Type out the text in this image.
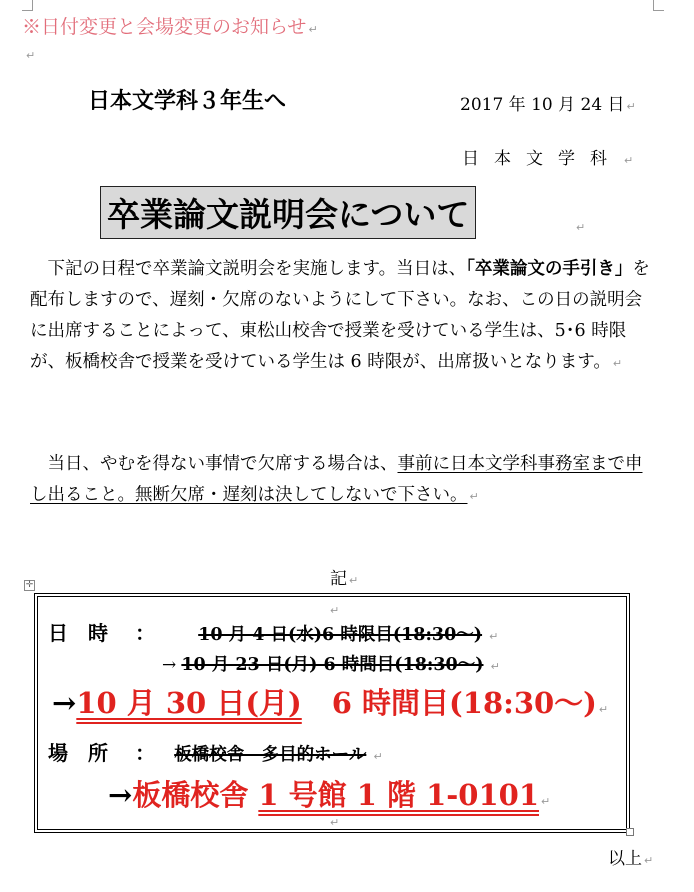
※日付変更と会場変更のお知らせ ↵
↵
日本文学科３年生へ	2017 年 10 月 24 日 ↵
日本文学科 ↵
卒業論文説明会について	↵
　下記の日程で卒業論文説明会を実施します。当日は、「卒業論文の手引き」を配布しますので、遅刻・欠席のないようにして下さい。なお、この日の説明会に出席することによって、東松山校舎で授業を受けている学生は、5･6 時限が、板橋校舎で授業を受けている学生は 6 時限が、出席扱いとなります。 ↵
　当日、やむを得ない事情で欠席する場合は、事前に日本文学科事務室まで申し出ること。無断欠席・遅刻は決してしないで下さい。 ↵
記 ↵
✛
↵
日　時 ： 10 月 4 日(水)6 時限目(18:30～) ↵
→ 10 月 23 日(月) 6 時間目(18:30～) ↵
→10 月 30 日(月) 6 時間目(18:30～) ↵
場　所 ： 板橋校舎　多目的ホール ↵
→板橋校舎 1 号館 1 階 1-0101 ↵
↵
以上 ↵
